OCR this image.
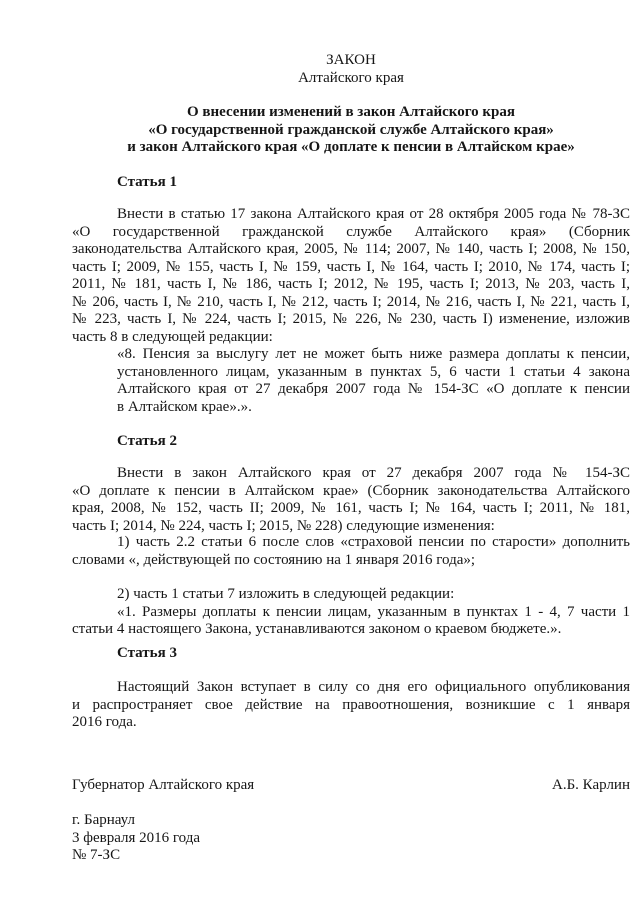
ЗАКОН
Алтайского края
О внесении изменений в закон Алтайского края
«О государственной гражданской службе Алтайского края»
и закон Алтайского края «О доплате к пенсии в Алтайском крае»
Статья 1
Внести в статью 17 закона Алтайского края от 28 октября 2005 года № 78-ЗС
«О государственной гражданской службе Алтайского края» (Сборник
законодательства Алтайского края, 2005, № 114; 2007, № 140, часть I; 2008, № 150,
часть I; 2009, № 155, часть I, № 159, часть I, № 164, часть I; 2010, № 174, часть I;
2011, № 181, часть I, № 186, часть I; 2012, № 195, часть I; 2013, № 203, часть I,
№ 206, часть I, № 210, часть I, № 212, часть I; 2014, № 216, часть I, № 221, часть I,
№ 223, часть I, № 224, часть I; 2015, № 226, № 230, часть I) изменение, изложив
часть 8 в следующей редакции:
«8. Пенсия за выслугу лет не может быть ниже размера доплаты к пенсии,
установленного лицам, указанным в пунктах 5, 6 части 1 статьи 4 закона
Алтайского края от 27 декабря 2007 года № 154-ЗС «О доплате к пенсии
в Алтайском крае».».
Статья 2
Внести в закон Алтайского края от 27 декабря 2007 года № 154-ЗС
«О доплате к пенсии в Алтайском крае» (Сборник законодательства Алтайского
края, 2008, № 152, часть II; 2009, № 161, часть I; № 164, часть I; 2011, № 181,
часть I; 2014, № 224, часть I; 2015, № 228) следующие изменения:
1) часть 2.2 статьи 6 после слов «страховой пенсии по старости» дополнить
словами «, действующей по состоянию на 1 января 2016 года»;
2) часть 1 статьи 7 изложить в следующей редакции:
«1. Размеры доплаты к пенсии лицам, указанным в пунктах 1 - 4, 7 части 1
статьи 4 настоящего Закона, устанавливаются законом о краевом бюджете.».
Статья 3
Настоящий Закон вступает в силу со дня его официального опубликования
и распространяет свое действие на правоотношения, возникшие с 1 января
2016 года.
Губернатор Алтайского края	А.Б. Карлин
г. Барнаул
3 февраля 2016 года
№ 7-ЗС
